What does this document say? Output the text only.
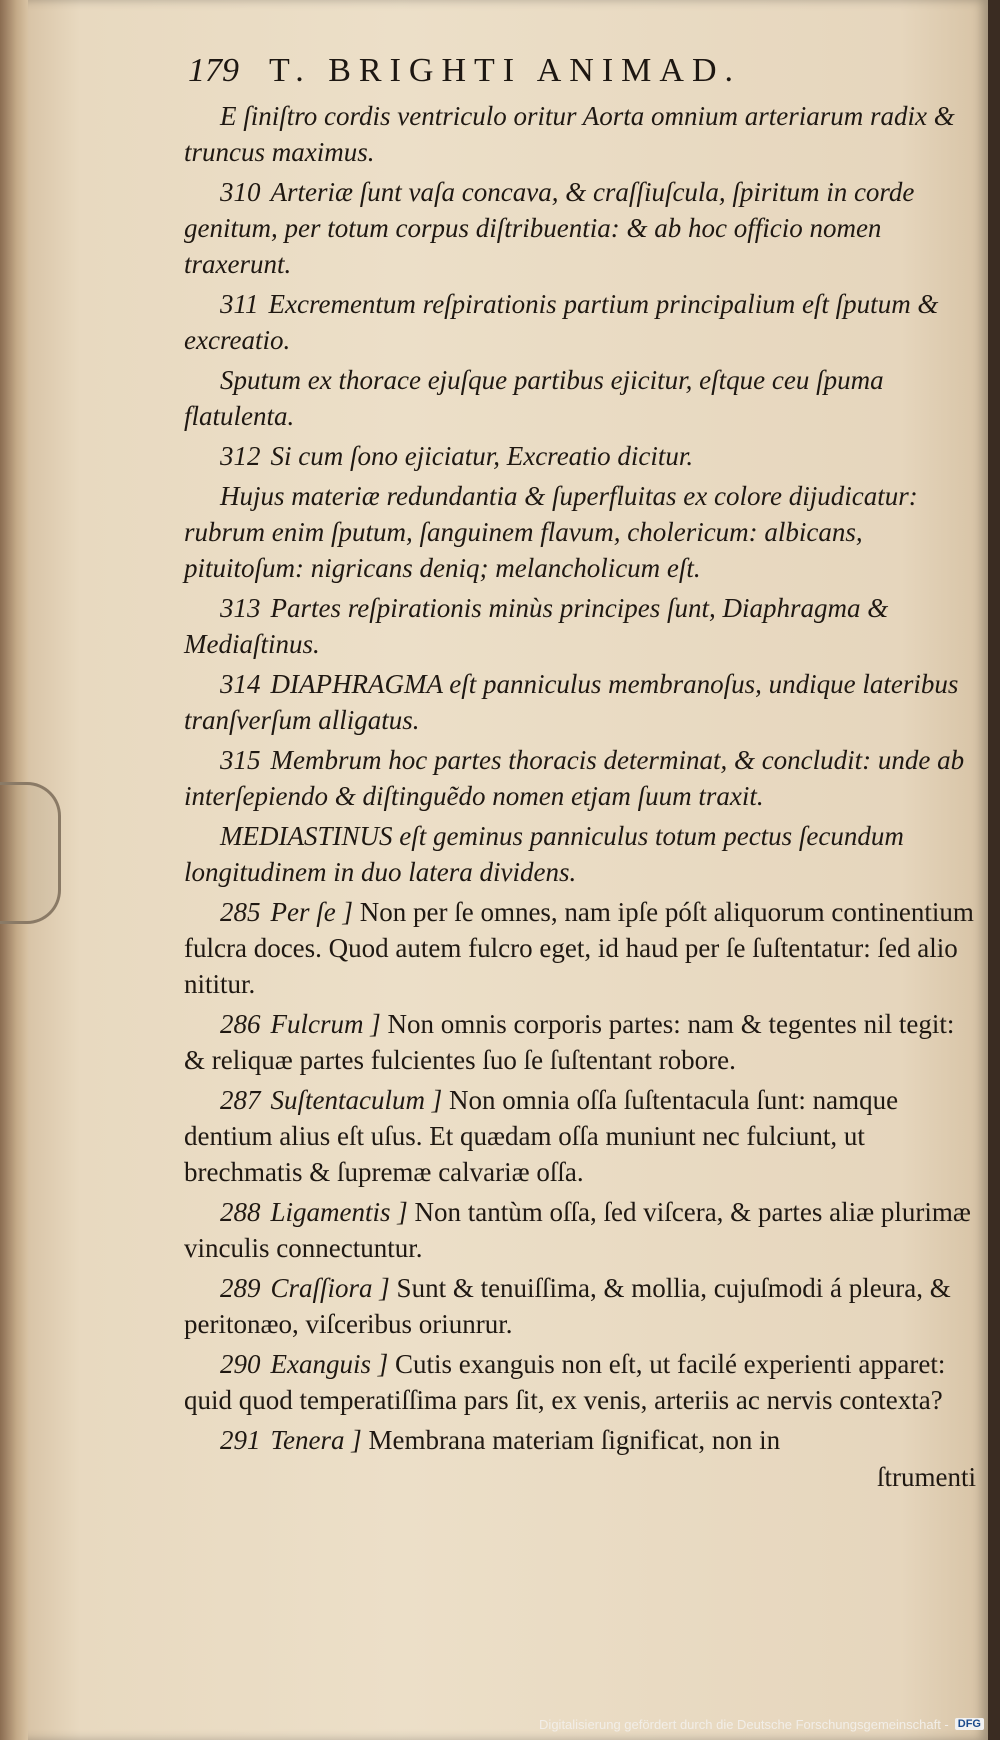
179 T. BRIGHTI ANIMAD.

E ſiniſtro cordis ventriculo oritur Aorta omnium arteriarum radix & truncus maximus.

310 Arteriæ ſunt vaſa concava, & craſſiuſcula, ſpiritum in corde genitum, per totum corpus diſtribuentia: & ab hoc officio nomen traxerunt.

311 Excrementum reſpirationis partium principalium eſt ſputum & excreatio.

Sputum ex thorace ejuſque partibus ejicitur, eſtque ceu ſpuma flatulenta.

312 Si cum ſono ejiciatur, Excreatio dicitur.

Hujus materiæ redundantia & ſuperfluitas ex colore dijudicatur: rubrum enim ſputum, ſanguinem flavum, cholericum: albicans, pituitoſum: nigricans deniq; melancholicum eſt.

313 Partes reſpirationis minùs principes ſunt, Diaphragma & Mediaſtinus.

314 DIAPHRAGMA eſt panniculus membranoſus, undique lateribus tranſverſum alligatus.

315 Membrum hoc partes thoracis determinat, & concludit: unde ab interſepiendo & diſtinguẽdo nomen etjam ſuum traxit.

MEDIASTINUS eſt geminus panniculus totum pectus ſecundum longitudinem in duo latera dividens.

285 Per ſe ] Non per ſe omnes, nam ipſe póſt aliquorum continentium fulcra doces. Quod autem fulcro eget, id haud per ſe ſuſtentatur: ſed alio nititur.

286 Fulcrum ] Non omnis corporis partes: nam & tegentes nil tegit: & reliquæ partes fulcientes ſuo ſe ſuſtentant robore.

287 Suſtentaculum ] Non omnia oſſa ſuſtentacula ſunt: namque dentium alius eſt uſus. Et quædam oſſa muniunt nec fulciunt, ut brechmatis & ſupremæ calvariæ oſſa.

288 Ligamentis ] Non tantùm oſſa, ſed viſcera, & partes aliæ plurimæ vinculis connectuntur.

289 Craſſiora ] Sunt & tenuiſſima, & mollia, cujuſmodi á pleura, & peritonæo, viſceribus oriunrur.

290 Exanguis ] Cutis exanguis non eſt, ut facilé experienti apparet: quid quod temperatiſſima pars ſit, ex venis, arteriis ac nervis contexta?

291 Tenera ] Membrana materiam ſignificat, non in

ſtrumenti
Digitalisierung gefördert durch die Deutsche Forschungsgemeinschaft - DFG
